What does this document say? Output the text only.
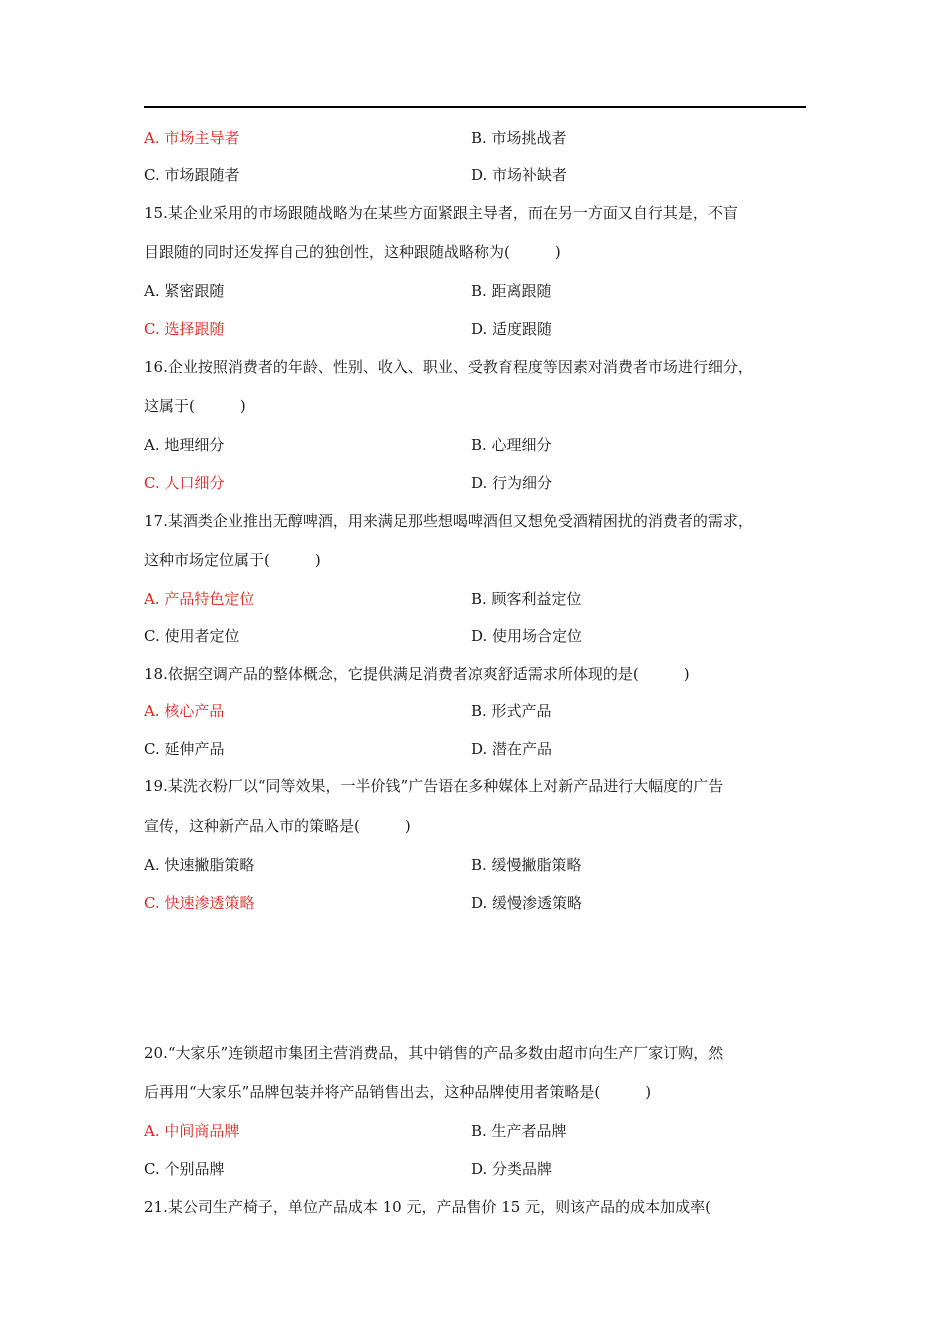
A. 市场主导者	B. 市场挑战者
C. 市场跟随者	D. 市场补缺者
15.某企业采用的市场跟随战略为在某些方面紧跟主导者，而在另一方面又自行其是，不盲
目跟随的同时还发挥自己的独创性，这种跟随战略称为(　　　)
A. 紧密跟随	B. 距离跟随
C. 选择跟随	D. 适度跟随
16.企业按照消费者的年龄、性别、收入、职业、受教育程度等因素对消费者市场进行细分，
这属于(　　　)
A. 地理细分	B. 心理细分
C. 人口细分	D. 行为细分
17.某酒类企业推出无醇啤酒，用来满足那些想喝啤酒但又想免受酒精困扰的消费者的需求，
这种市场定位属于(　　　)
A. 产品特色定位	B. 顾客利益定位
C. 使用者定位	D. 使用场合定位
18.依据空调产品的整体概念，它提供满足消费者凉爽舒适需求所体现的是(　　　)
A. 核心产品	B. 形式产品
C. 延伸产品	D. 潜在产品
19.某洗衣粉厂以“同等效果，一半价钱”广告语在多种媒体上对新产品进行大幅度的广告
宣传，这种新产品入市的策略是(　　　)
A. 快速撇脂策略	B. 缓慢撇脂策略
C. 快速渗透策略	D. 缓慢渗透策略
20.“大家乐”连锁超市集团主营消费品，其中销售的产品多数由超市向生产厂家订购，然
后再用“大家乐”品牌包装并将产品销售出去，这种品牌使用者策略是(　　　)
A. 中间商品牌	B. 生产者品牌
C. 个别品牌	D. 分类品牌
21.某公司生产椅子，单位产品成本 10 元，产品售价 15 元，则该产品的成本加成率(
